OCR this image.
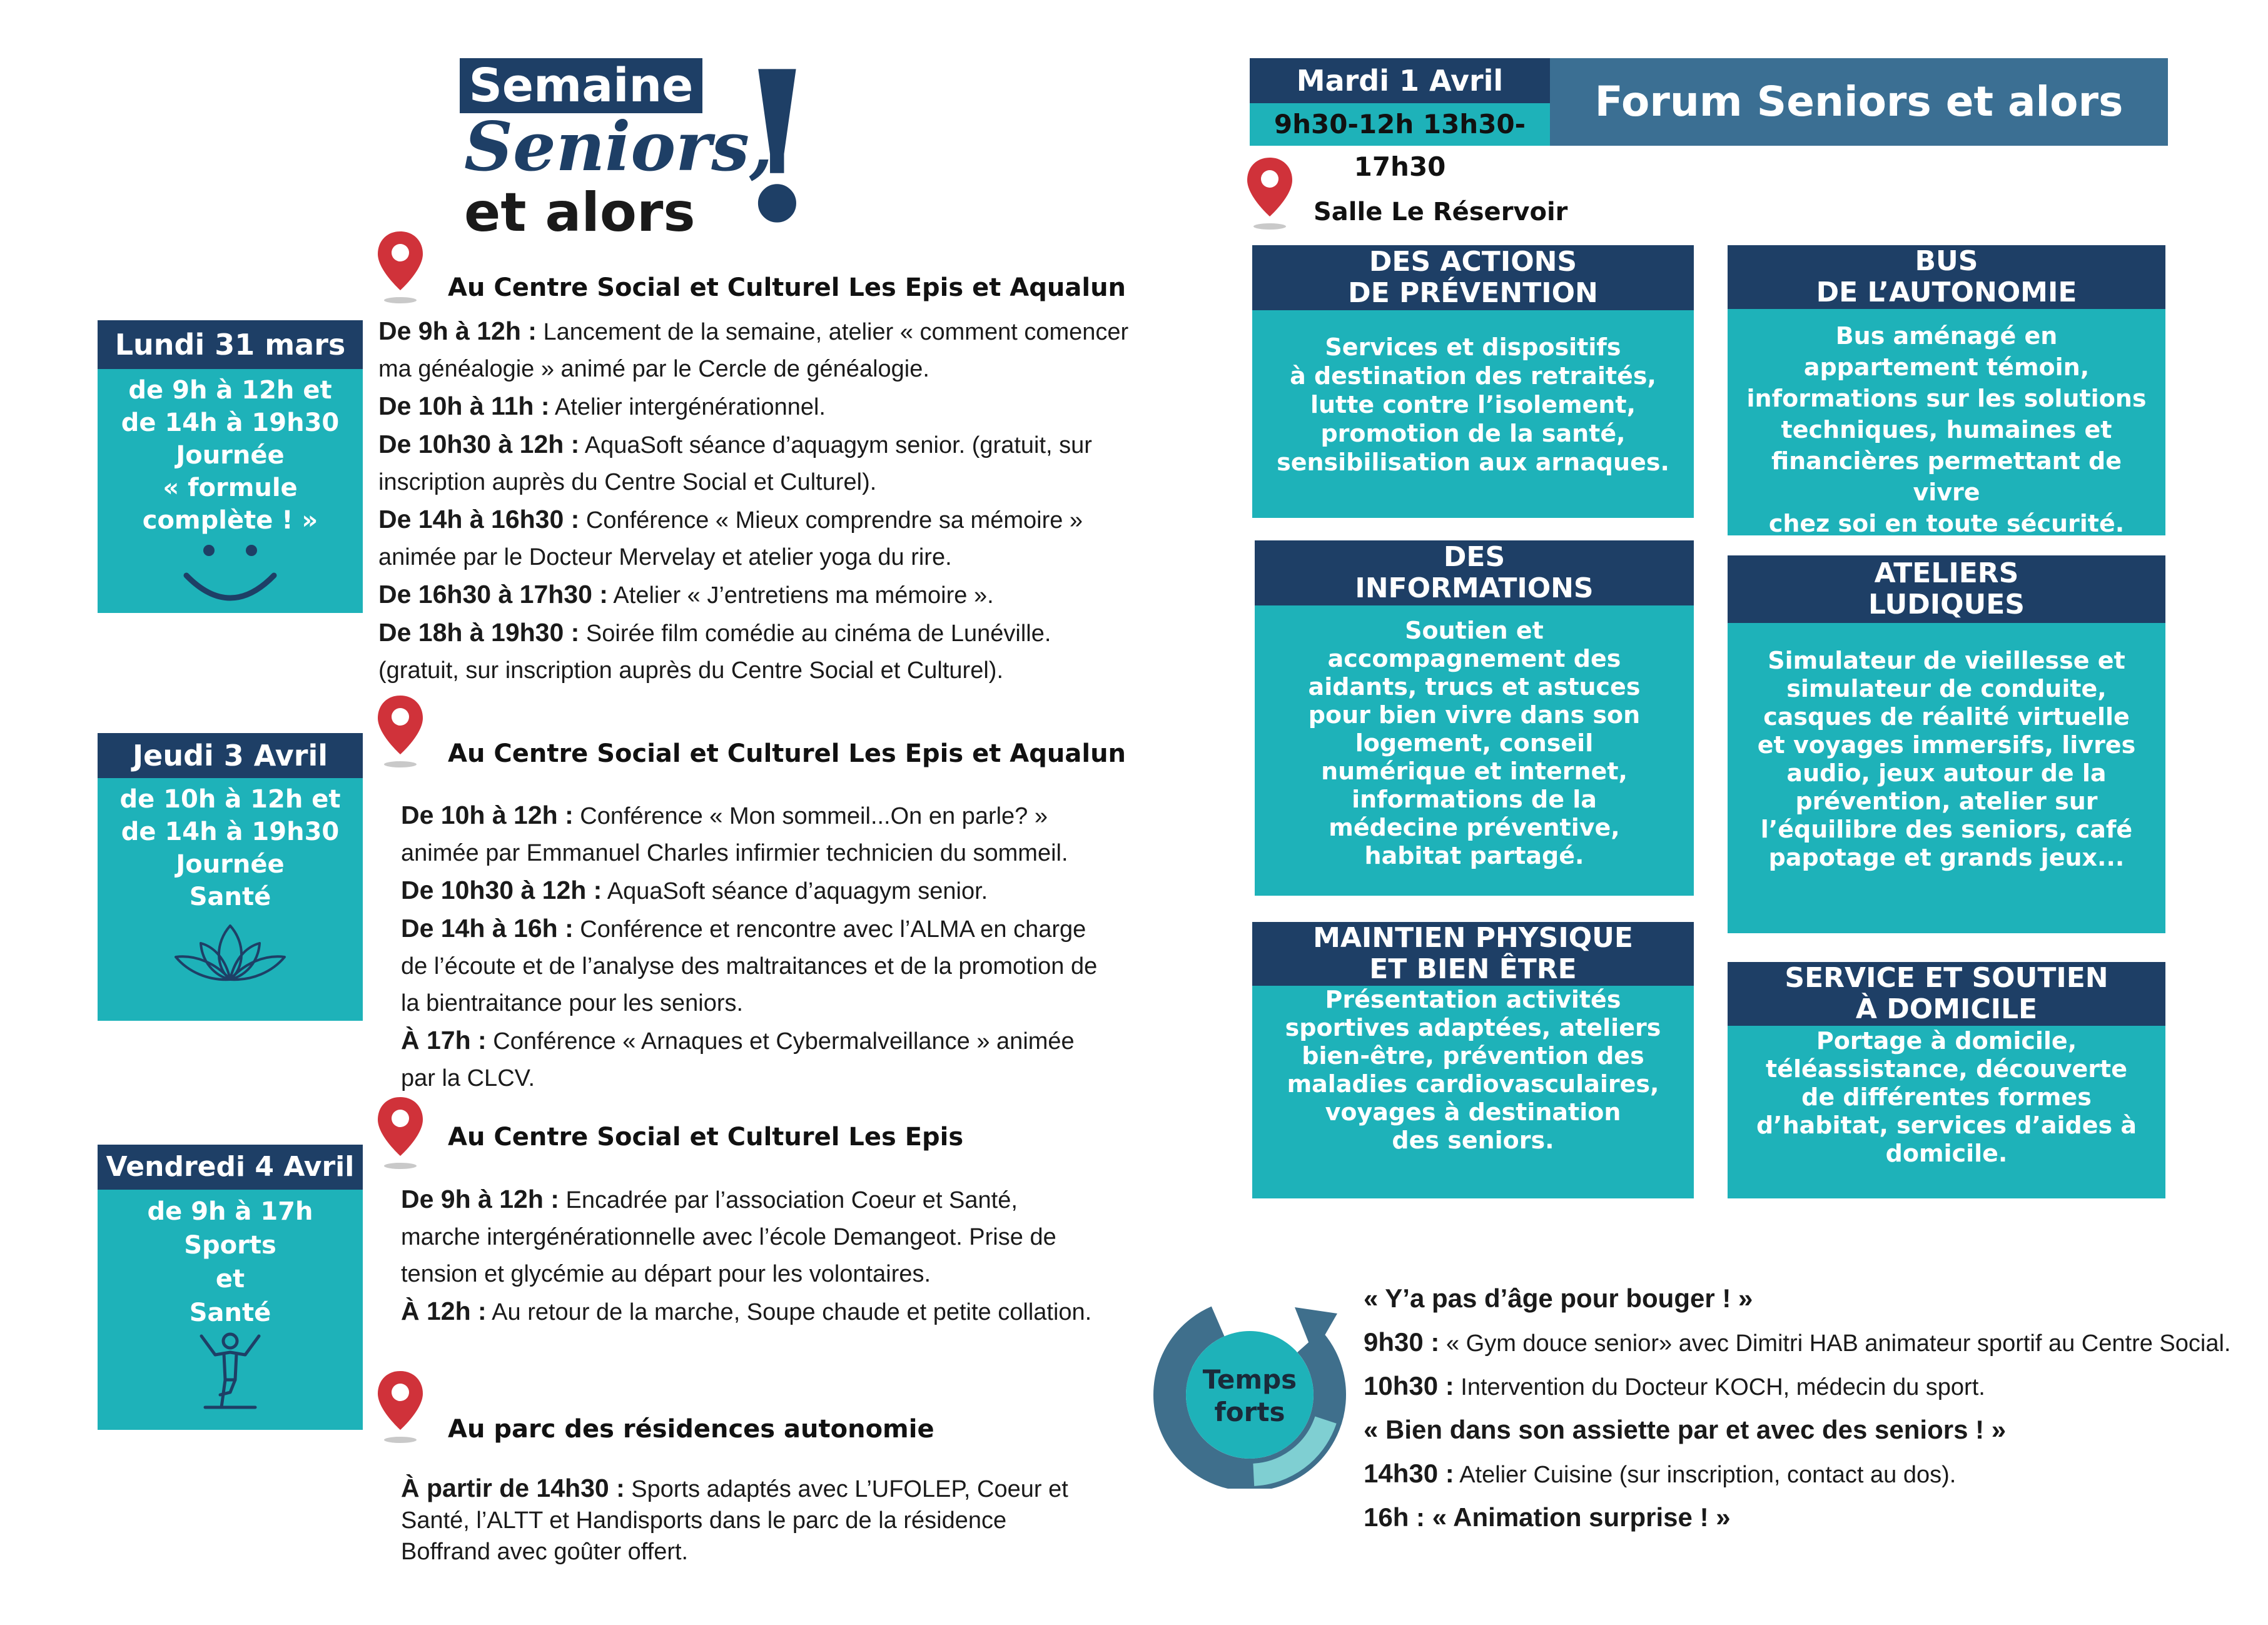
Semaine
Seniors,
et alors !
Lundi 31 mars
de 9h à 12h et
de 14h à 19h30
Journée
« formule
complète ! »
Au Centre Social et Culturel Les Epis et Aqualun

De 9h à 12h : Lancement de la semaine, atelier « comment comencer ma généalogie » animé par le Cercle de généalogie.

De 10h à 11h : Atelier intergénérationnel.

De 10h30 à 12h : AquaSoft séance d’aquagym senior. (gratuit, sur inscription auprès du Centre Social et Culturel).

De 14h à 16h30 : Conférence « Mieux comprendre sa mémoire » animée par le Docteur Mervelay et atelier yoga du rire.

De 16h30 à 17h30 : Atelier « J’entretiens ma mémoire ».

De 18h à 19h30 : Soirée film comédie au cinéma de Lunéville. (gratuit, sur inscription auprès du Centre Social et Culturel).

Jeudi 3 Avril
de 10h à 12h et
de 14h à 19h30
Journée
Santé
Au Centre Social et Culturel Les Epis et Aqualun

De 10h à 12h : Conférence « Mon sommeil...On en parle? » animée par Emmanuel Charles infirmier technicien du sommeil.

De 10h30 à 12h : AquaSoft séance d’aquagym senior.

De 14h à 16h : Conférence et rencontre avec l’ALMA en charge de l’écoute et de l’analyse des maltraitances et de la promotion de la bientraitance pour les seniors.

À 17h : Conférence « Arnaques et Cybermalveillance » animée par la CLCV.

Vendredi 4 Avril
de 9h à 17h
Sports
et
Santé
Au Centre Social et Culturel Les Epis

De 9h à 12h : Encadrée par l’association Coeur et Santé, marche intergénérationnelle avec l’école Demangeot. Prise de tension et glycémie au départ pour les volontaires.

À 12h : Au retour de la marche, Soupe chaude et petite collation.

Au parc des résidences autonomie

À partir de 14h30 : Sports adaptés avec L’UFOLEP, Coeur et Santé, l’ALTT et Handisports dans le parc de la résidence Boffrand avec goûter offert.

Mardi 1 Avril
9h30-12h 13h30-17h30
Forum Seniors et alors
Salle Le Réservoir
DES ACTIONS
DE PRÉVENTION
Services et dispositifs
à destination des retraités,
lutte contre l’isolement,
promotion de la santé,
sensibilisation aux arnaques.
BUS
DE L’AUTONOMIE
Bus aménagé en
appartement témoin,
informations sur les solutions
techniques, humaines et
financières permettant de vivre
chez soi en toute sécurité.
DES
INFORMATIONS
Soutien et
accompagnement des
aidants, trucs et astuces
pour bien vivre dans son
logement, conseil
numérique et internet,
informations de la
médecine préventive,
habitat partagé.
ATELIERS
LUDIQUES
Simulateur de vieillesse et
simulateur de conduite,
casques de réalité virtuelle
et voyages immersifs, livres
audio, jeux autour de la
prévention, atelier sur
l’équilibre des seniors, café
papotage et grands jeux...
MAINTIEN PHYSIQUE
ET BIEN ÊTRE
Présentation activités
sportives adaptées, ateliers
bien-être, prévention des
maladies cardiovasculaires,
voyages à destination
des seniors.
SERVICE ET SOUTIEN
À DOMICILE
Portage à domicile,
téléassistance, découverte
de différentes formes
d’habitat, services d’aides à
domicile.
Temps
forts

« Y’a pas d’âge pour bouger ! »

9h30 : « Gym douce senior» avec Dimitri HAB animateur sportif au Centre Social.

10h30 : Intervention du Docteur KOCH, médecin du sport.

« Bien dans son assiette par et avec des seniors ! »

14h30 : Atelier Cuisine (sur inscription, contact au dos).

16h : « Animation surprise ! »
